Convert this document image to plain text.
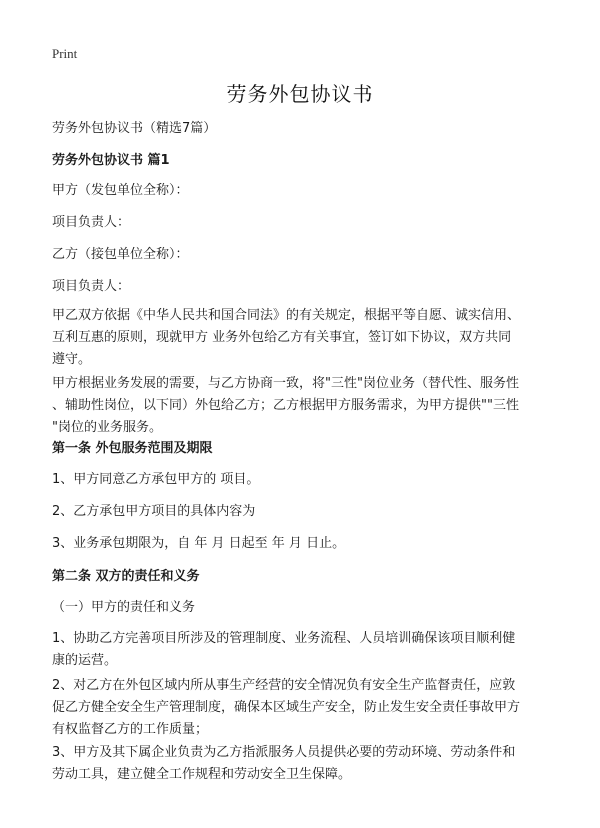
Print
劳务外包协议书
劳务外包协议书（精选7篇）
劳务外包协议书 篇1
甲方（发包单位全称）：
项目负责人：
乙方（接包单位全称）：
项目负责人：
甲乙双方依据《中华人民共和国合同法》的有关规定，根据平等自愿、诚实信用、
互利互惠的原则，现就甲方 业务外包给乙方有关事宜，签订如下协议，双方共同
遵守。
甲方根据业务发展的需要，与乙方协商一致，将"三性"岗位业务（替代性、服务性
、辅助性岗位，以下同）外包给乙方；乙方根据甲方服务需求，为甲方提供""三性
"岗位的业务服务。
第一条 外包服务范围及期限
1、甲方同意乙方承包甲方的 项目。
2、乙方承包甲方项目的具体内容为
3、业务承包期限为，自 年 月 日起至 年 月 日止。
第二条 双方的责任和义务
（一）甲方的责任和义务
1、协助乙方完善项目所涉及的管理制度、业务流程、人员培训确保该项目顺利健
康的运营。
2、对乙方在外包区域内所从事生产经营的安全情况负有安全生产监督责任，应敦
促乙方健全安全生产管理制度，确保本区域生产安全，防止发生安全责任事故甲方
有权监督乙方的工作质量；
3、甲方及其下属企业负责为乙方指派服务人员提供必要的劳动环境、劳动条件和
劳动工具，建立健全工作规程和劳动安全卫生保障。
